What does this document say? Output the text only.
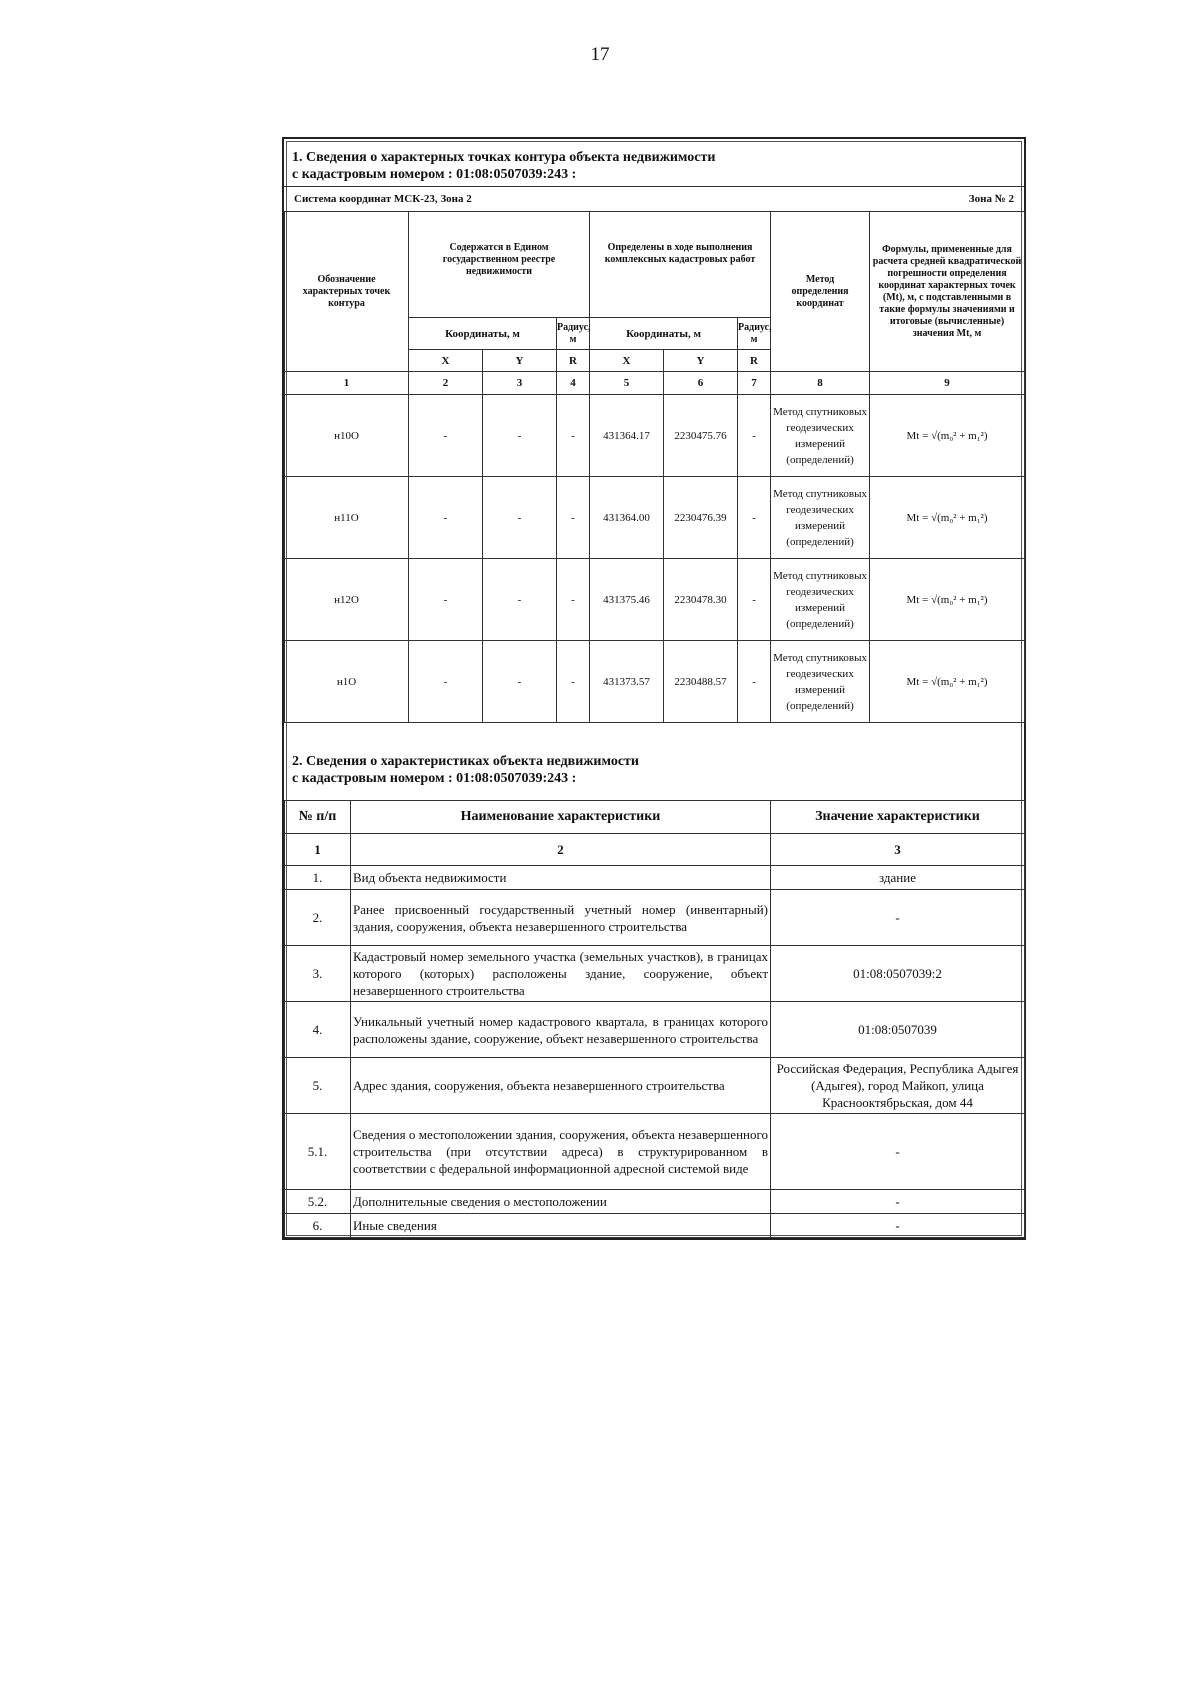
17
1. Сведения о характерных точках контура объекта недвижимости
с кадастровым номером : 01:08:0507039:243 :
Система координат МСК-23, Зона 2	Зона № 2
Обозначение характерных точек контура	Содержатся в Едином государственном реестре недвижимости			Определены в ходе выполнения комплексных кадастровых работ			Метод определения координат	Формулы, примененные для расчета средней квадратической погрешности определения координат характерных точек (Mt), м, с подставленными в такие формулы значениями и итоговые (вычисленные) значения Mt, м
	Координаты, м		Радиус, м	Координаты, м		Радиус, м		
	X	Y	R	X	Y	R		
1	2	3	4	5	6	7	8	9
н10О	-	-	-	431364.17	2230475.76	-	Метод спутниковых геодезических измерений (определений)	Mt = √(m₀² + m₁²)
н11О	-	-	-	431364.00	2230476.39	-	Метод спутниковых геодезических измерений (определений)	Mt = √(m₀² + m₁²)
н12О	-	-	-	431375.46	2230478.30	-	Метод спутниковых геодезических измерений (определений)	Mt = √(m₀² + m₁²)
н1О	-	-	-	431373.57	2230488.57	-	Метод спутниковых геодезических измерений (определений)	Mt = √(m₀² + m₁²)
2. Сведения о характеристиках объекта недвижимости
с кадастровым номером : 01:08:0507039:243 :
№ п/п	Наименование характеристики	Значение характеристики
1	2	3
1.	Вид объекта недвижимости	здание
2.	Ранее присвоенный государственный учетный номер (инвентарный) здания, сооружения, объекта незавершенного строительства	-
3.	Кадастровый номер земельного участка (земельных участков), в границах которого (которых) расположены здание, сооружение, объект незавершенного строительства	01:08:0507039:2
4.	Уникальный учетный номер кадастрового квартала, в границах которого расположены здание, сооружение, объект незавершенного строительства	01:08:0507039
5.	Адрес здания, сооружения, объекта незавершенного строительства	Российская Федерация, Республика Адыгея (Адыгея), город Майкоп, улица Краснооктябрьская, дом 44
5.1.	Сведения о местоположении здания, сооружения, объекта незавершенного строительства (при отсутствии адреса) в структурированном в соответствии с федеральной информационной адресной системой виде	-
5.2.	Дополнительные сведения о местоположении	-
6.	Иные сведения	-
